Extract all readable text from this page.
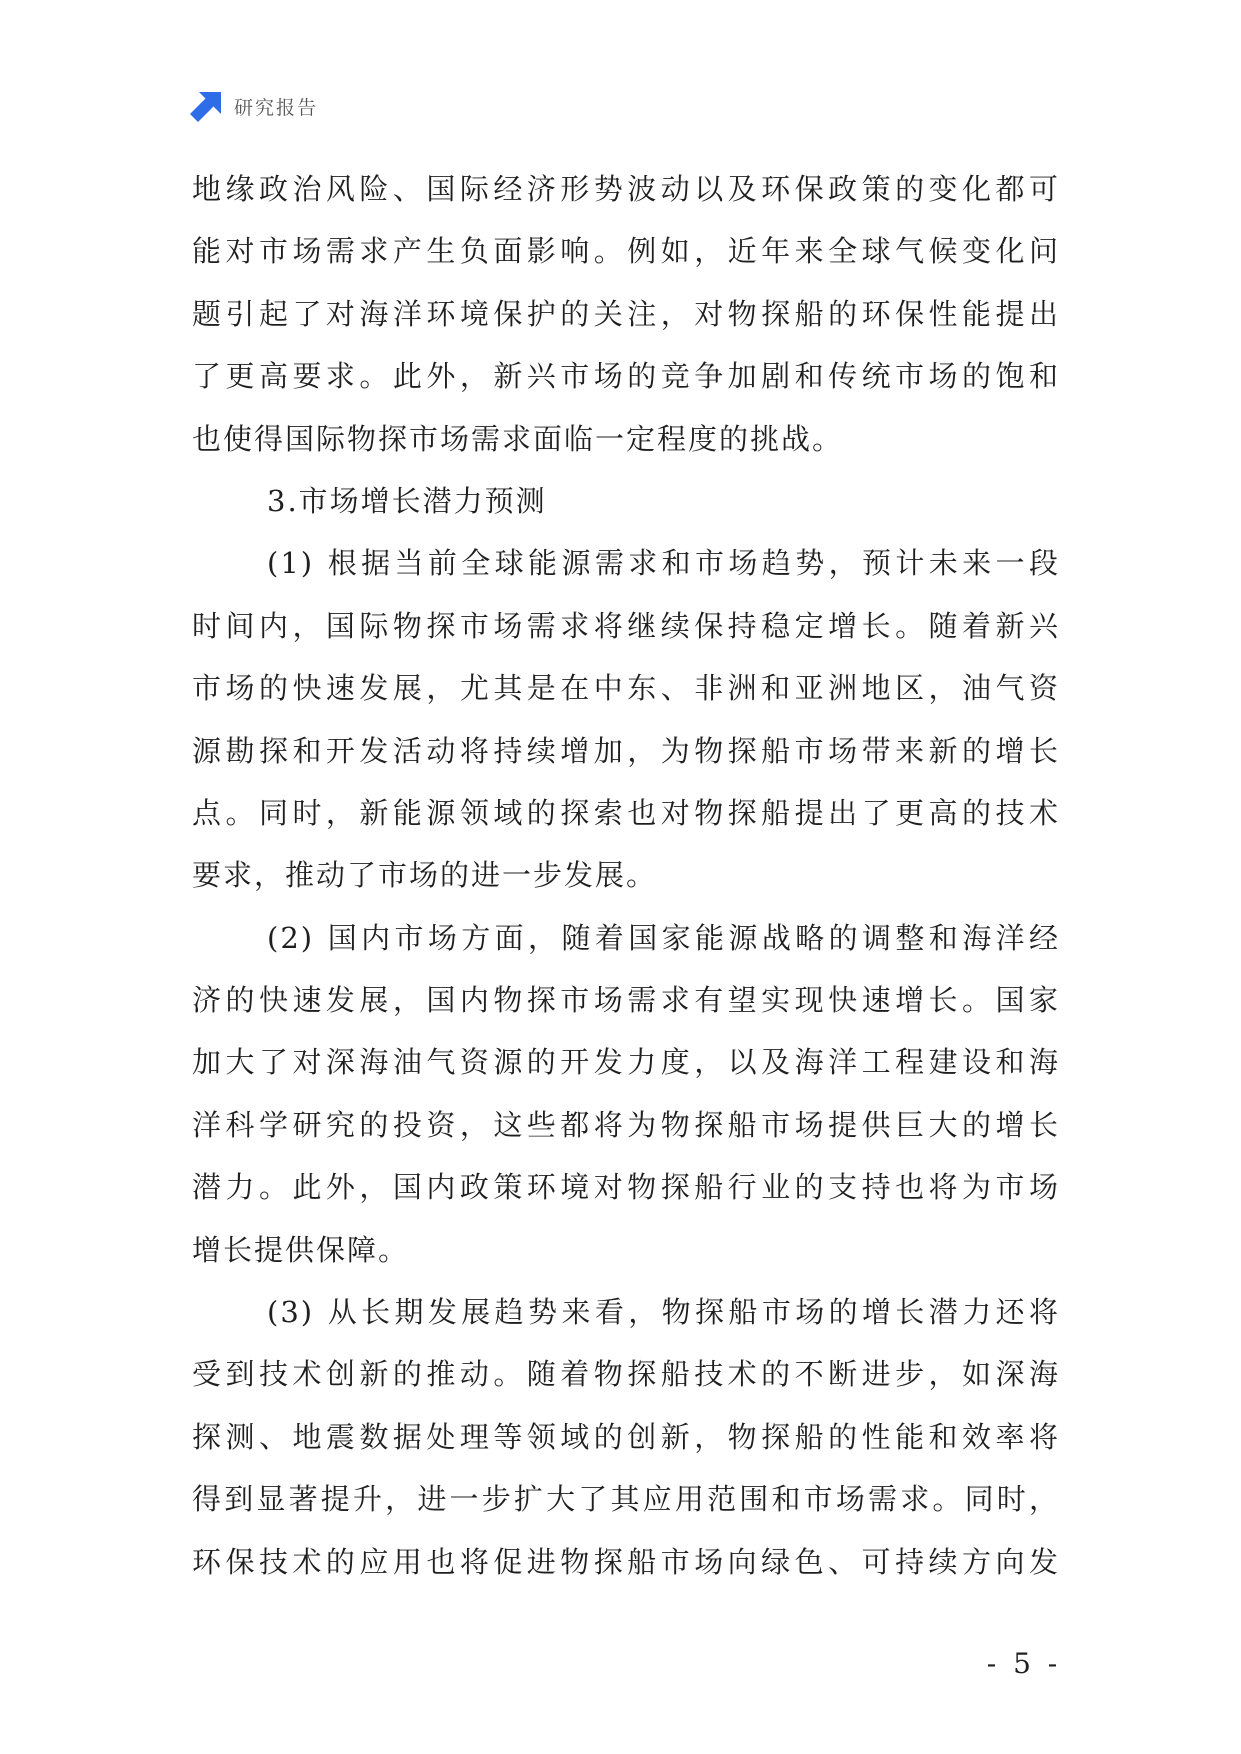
研究报告
地缘政治风险、国际经济形势波动以及环保政策的变化都可
能对市场需求产生负面影响。例如，近年来全球气候变化问
题引起了对海洋环境保护的关注，对物探船的环保性能提出
了更高要求。此外，新兴市场的竞争加剧和传统市场的饱和
也使得国际物探市场需求面临一定程度的挑战。
3.市场增长潜力预测
(1) 根据当前全球能源需求和市场趋势，预计未来一段
时间内，国际物探市场需求将继续保持稳定增长。随着新兴
市场的快速发展，尤其是在中东、非洲和亚洲地区，油气资
源勘探和开发活动将持续增加，为物探船市场带来新的增长
点。同时，新能源领域的探索也对物探船提出了更高的技术
要求，推动了市场的进一步发展。
(2) 国内市场方面，随着国家能源战略的调整和海洋经
济的快速发展，国内物探市场需求有望实现快速增长。国家
加大了对深海油气资源的开发力度，以及海洋工程建设和海
洋科学研究的投资，这些都将为物探船市场提供巨大的增长
潜力。此外，国内政策环境对物探船行业的支持也将为市场
增长提供保障。
(3) 从长期发展趋势来看，物探船市场的增长潜力还将
受到技术创新的推动。随着物探船技术的不断进步，如深海
探测、地震数据处理等领域的创新，物探船的性能和效率将
得到显著提升，进一步扩大了其应用范围和市场需求。同时，
环保技术的应用也将促进物探船市场向绿色、可持续方向发
- 5 -
